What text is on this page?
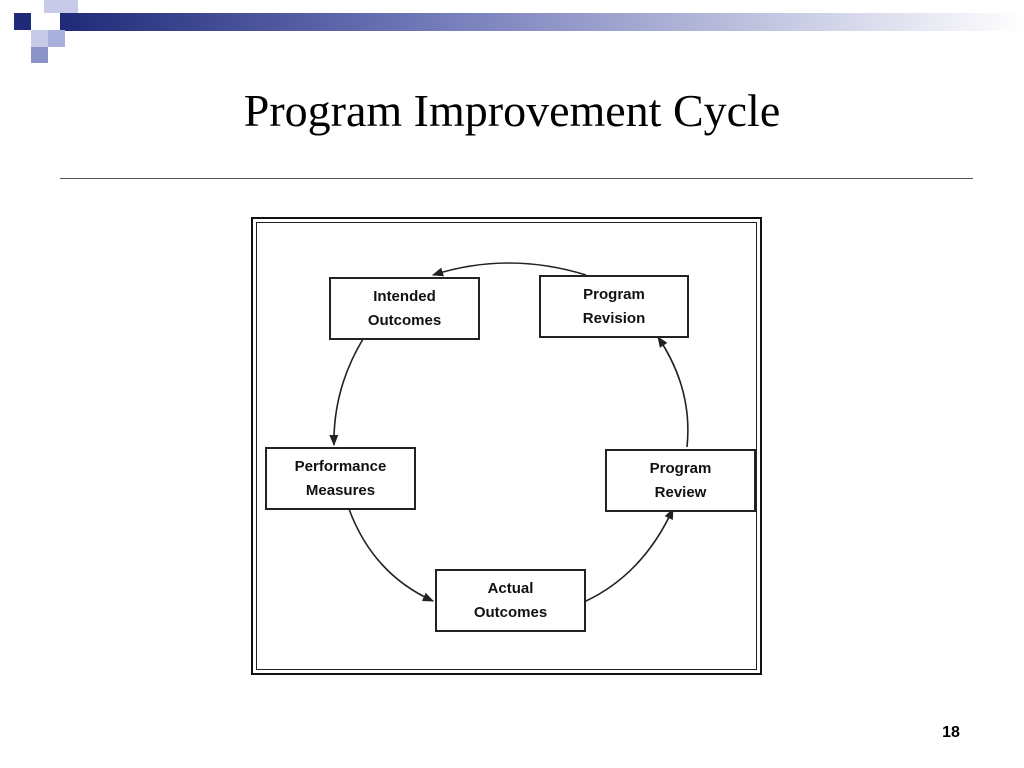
Program Improvement Cycle
Intended
Outcomes
Program
Revision
Performance
Measures
Program
Review
Actual
Outcomes
18
